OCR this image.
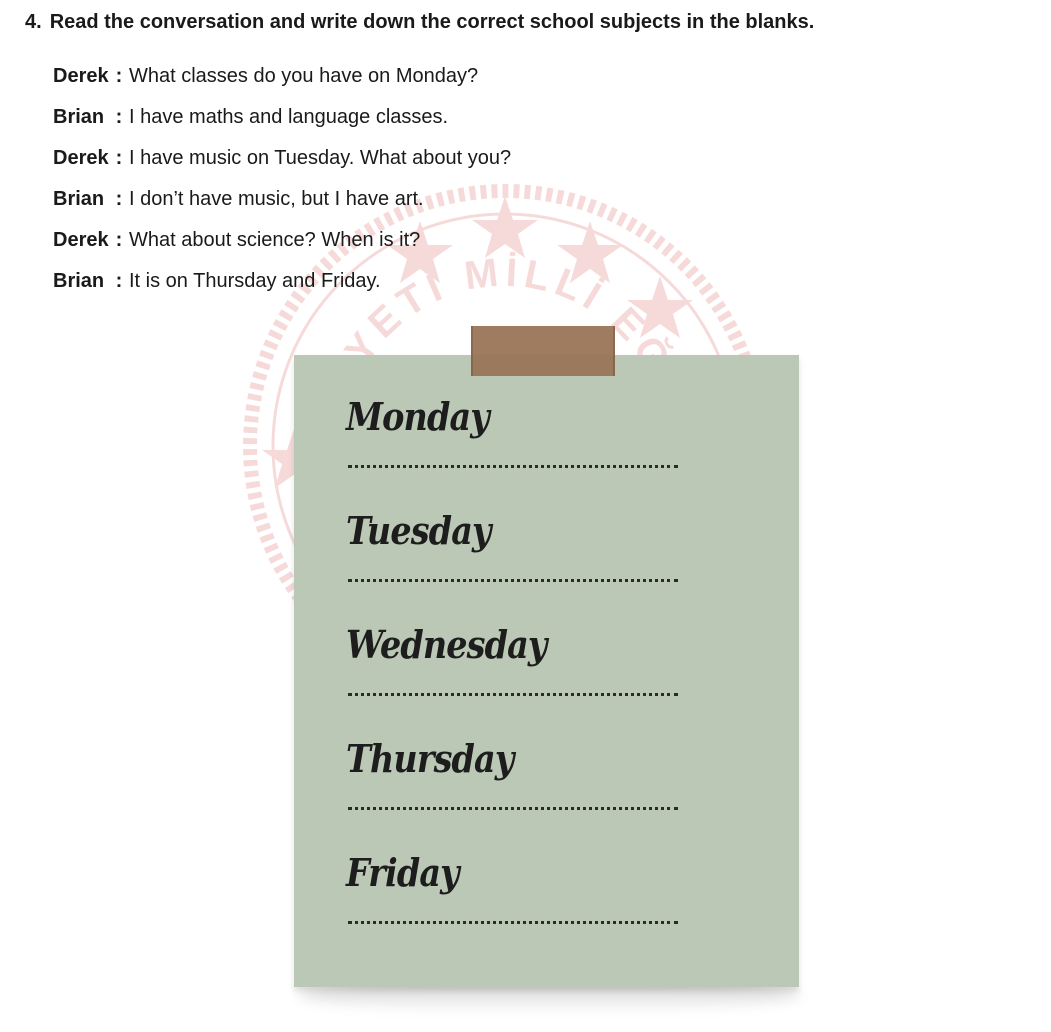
YETİ MİLLİ E
4. Read the conversation and write down the correct school subjects in the blanks.
Derek : What classes do you have on Monday?
Brian : I have maths and language classes.
Derek : I have music on Tuesday. What about you?
Brian : I don’t have music, but I have art.
Derek : What about science? When is it?
Brian : It is on Thursday and Friday.
Monday
Tuesday
Wednesday
Thursday
Friday
